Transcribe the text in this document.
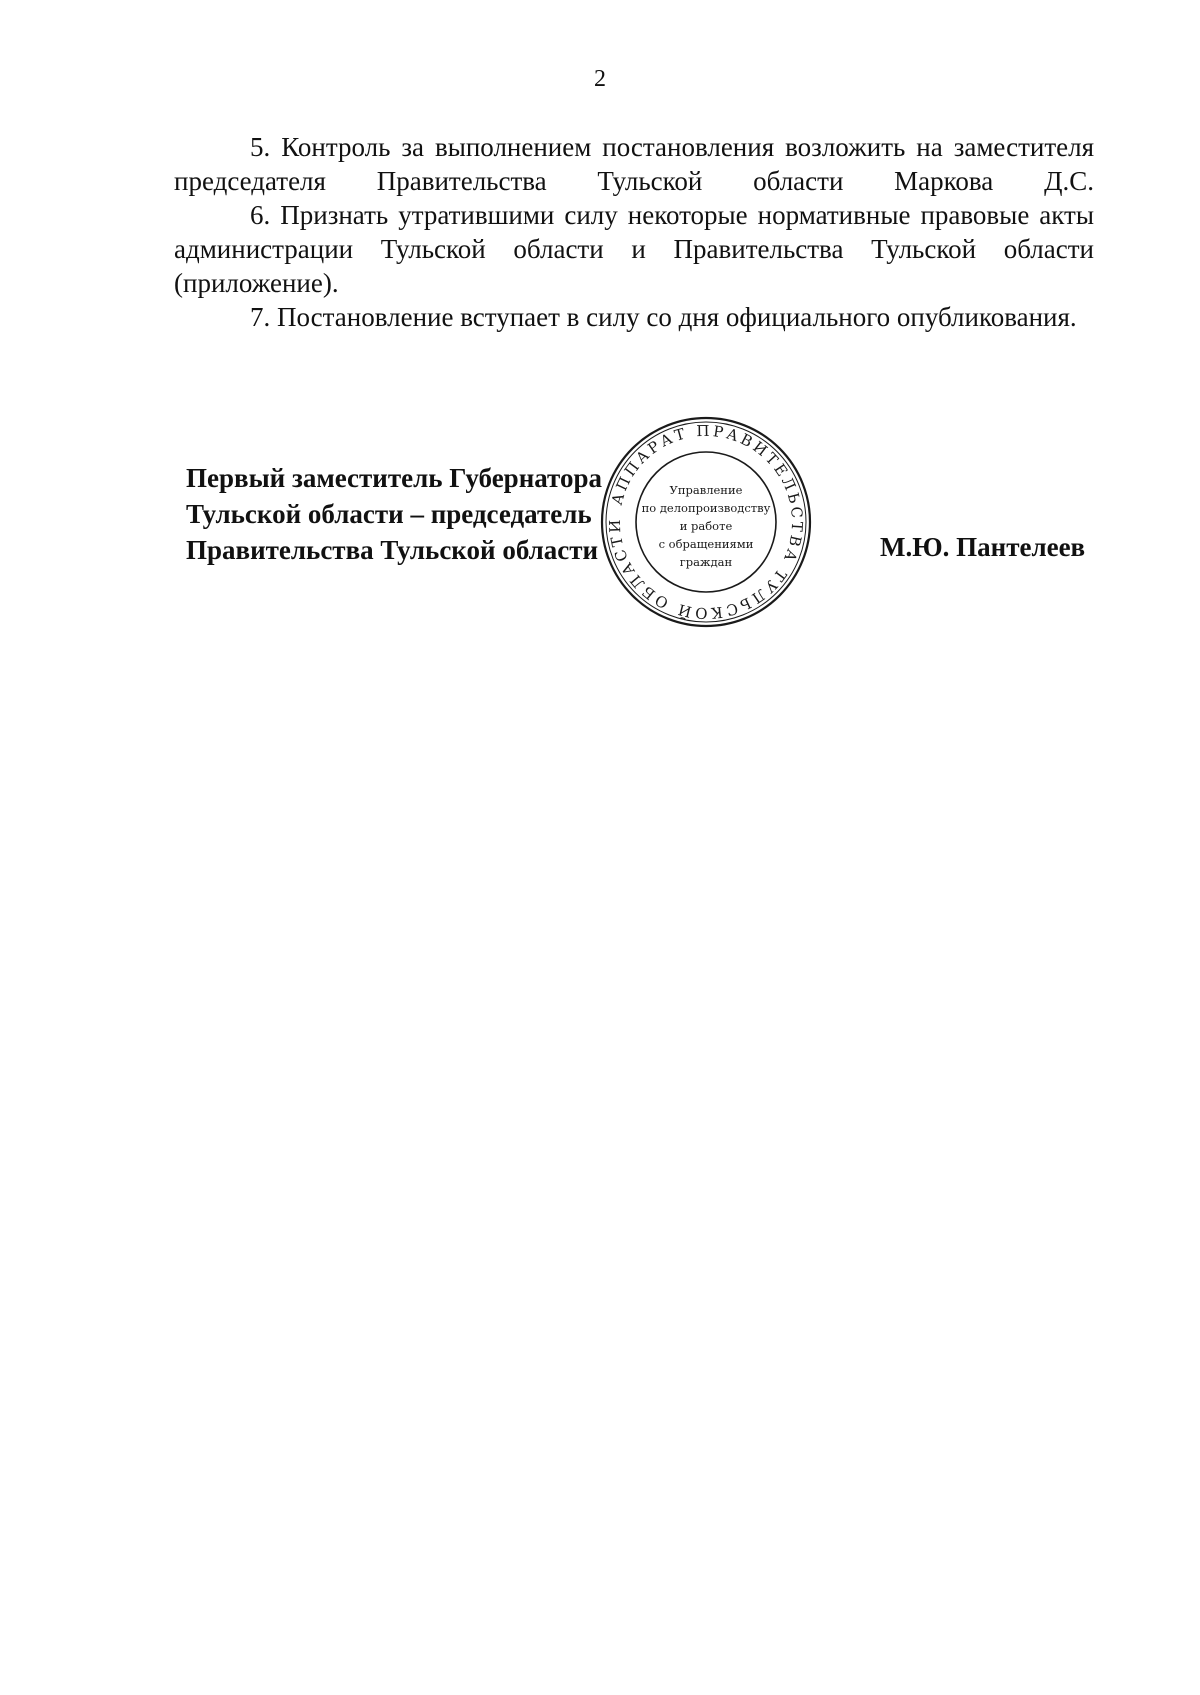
2

5. Контроль за выполнением постановления возложить на заместителя председателя Правительства Тульской области Маркова Д.С.

6. Признать утратившими силу некоторые нормативные правовые акты администрации Тульской области и Правительства Тульской области (приложение).

7. Постановление вступает в силу со дня официального опубликования.

Первый заместитель Губернатора
Тульской области – председатель
Правительства Тульской области	М.Ю. Пантелеев
АППАРАТ ПРАВИТЕЛЬСТВА ТУЛЬСКОЙ ОБЛАСТИ
Управление
по делопроизводству
и работе
с обращениями
граждан
